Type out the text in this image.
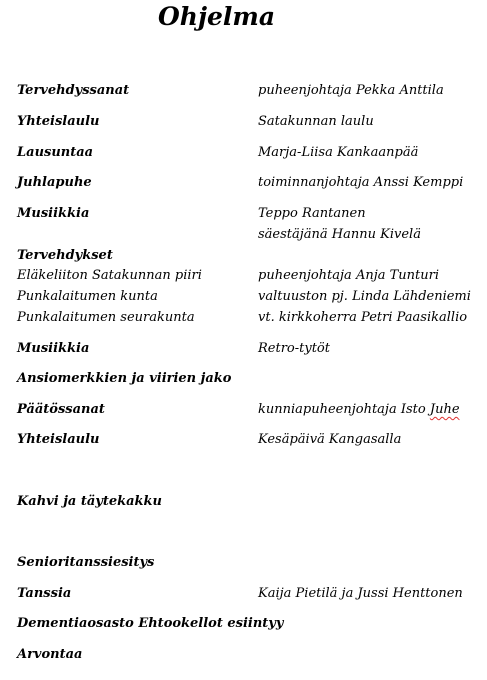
Ohjelma
Tervehdyssanat	puheenjohtaja Pekka Anttila
Yhteislaulu	Satakunnan laulu
Lausuntaa	Marja-Liisa Kankaanpää
Juhlapuhe	toiminnanjohtaja Anssi Kemppi
Musiikkia	Teppo Rantanen
säestäjänä Hannu Kivelä
Tervehdykset
Eläkeliiton Satakunnan piiri	puheenjohtaja Anja Tunturi
Punkalaitumen kunta	valtuuston pj. Linda Lähdeniemi
Punkalaitumen seurakunta	vt. kirkkoherra Petri Paasikallio
Musiikkia	Retro-tytöt
Ansiomerkkien ja viirien jako
Päätössanat	kunniapuheenjohtaja Isto Juhe
Yhteislaulu	Kesäpäivä Kangasalla
Kahvi ja täytekakku
Senioritanssiesitys
Tanssia	Kaija Pietilä ja Jussi Henttonen
Dementiaosasto Ehtookellot esiintyy
Arvontaa
